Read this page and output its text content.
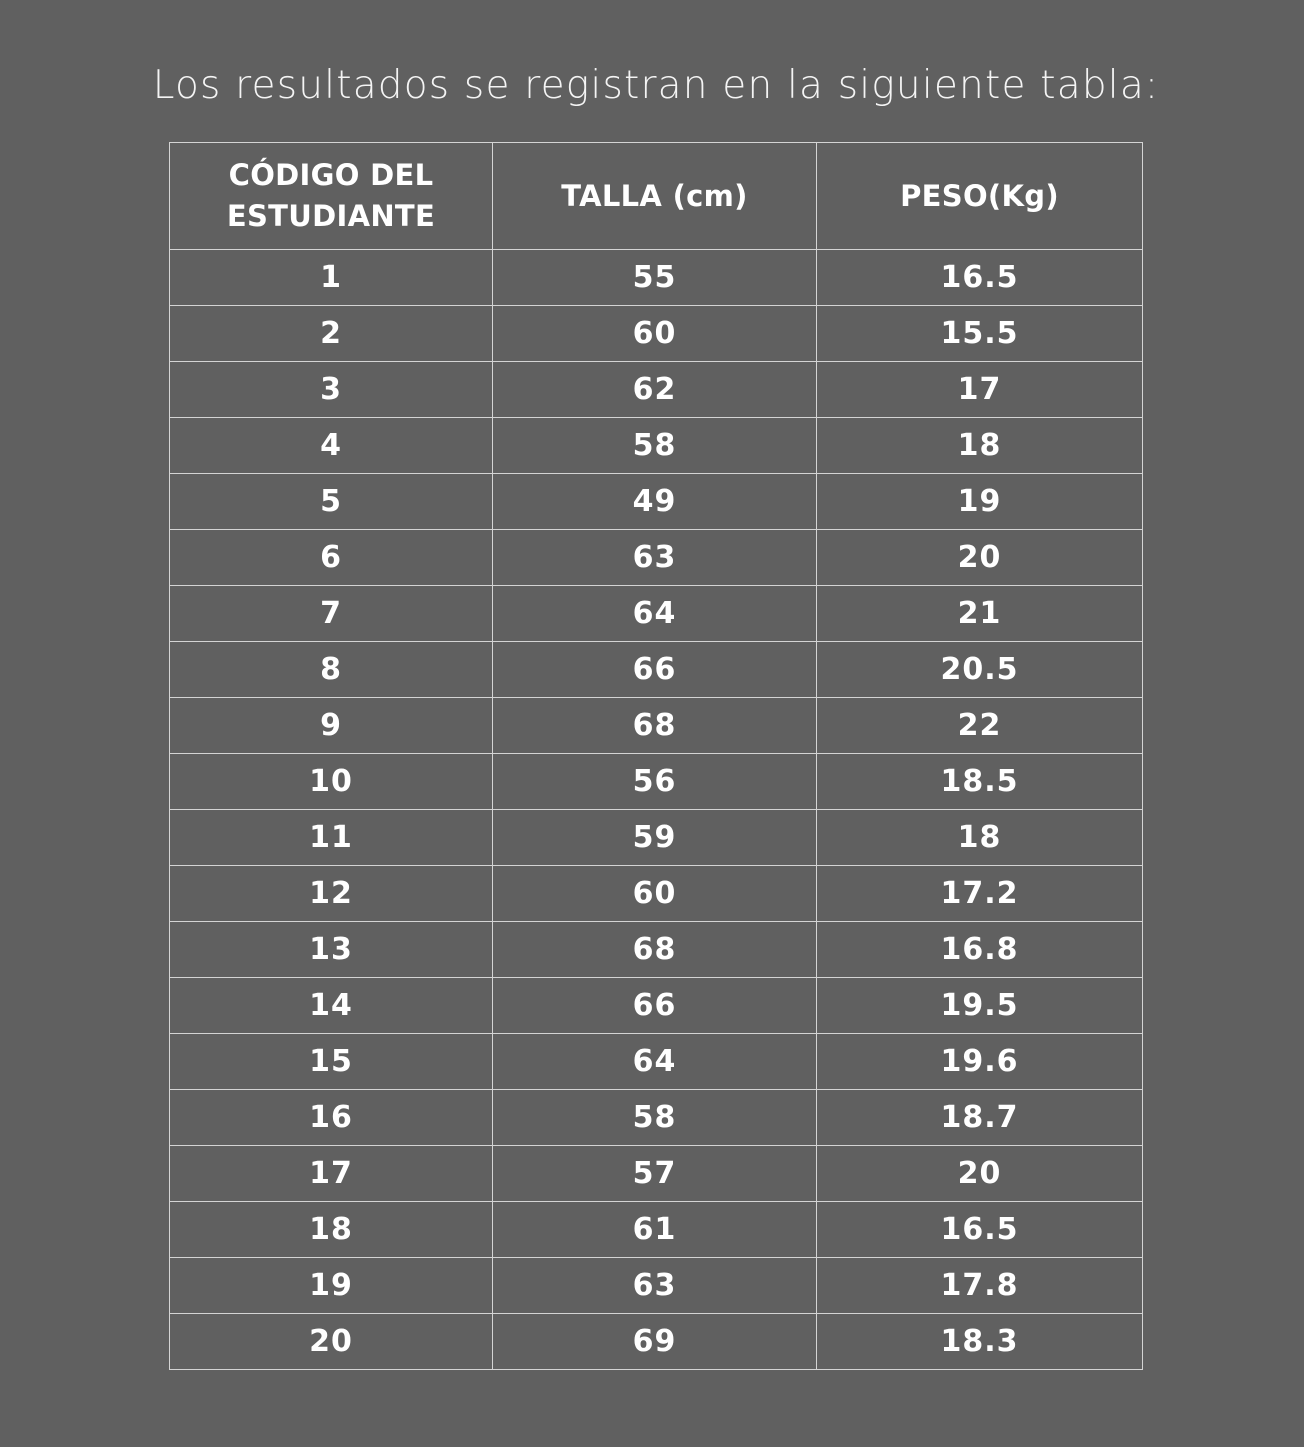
Los resultados se registran en la siguiente tabla:
CÓDIGO DEL
ESTUDIANTE	TALLA (cm)	PESO(Kg)
1	55	16.5
2	60	15.5
3	62	17
4	58	18
5	49	19
6	63	20
7	64	21
8	66	20.5
9	68	22
10	56	18.5
11	59	18
12	60	17.2
13	68	16.8
14	66	19.5
15	64	19.6
16	58	18.7
17	57	20
18	61	16.5
19	63	17.8
20	69	18.3
